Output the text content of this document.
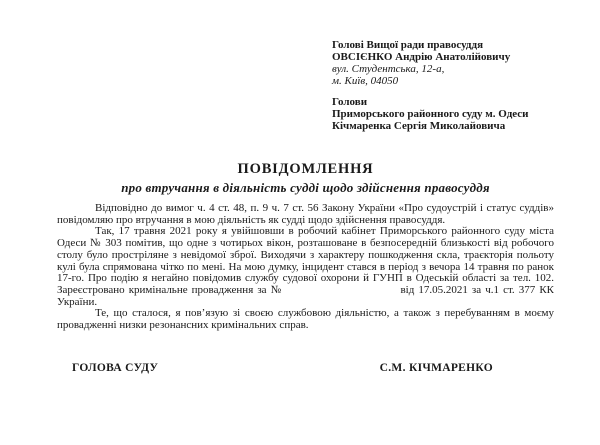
Голові Вищої ради правосуддя
ОВСІЄНКО Андрію Анатолійовичу
вул. Студентська, 12-а,
м. Київ, 04050
Голови
Приморського районного суду м. Одеси
Кічмаренка Сергія Миколайовича
ПОВІДОМЛЕННЯ
про втручання в діяльність судді щодо здійснення правосуддя

Відповідно до вимог ч. 4 ст. 48, п. 9 ч. 7 ст. 56 Закону України «Про судоустрій і статус суддів» повідомляю про втручання в мою діяльність як судді щодо здійснення правосуддя.

Так, 17 травня 2021 року я увійшовши в робочий кабінет Приморського районного суду міста Одеси № 303 помітив, що одне з чотирьох вікон, розташоване в безпосередній близькості від робочого столу було прострiляне з невідомої зброї. Виходячи з характеру пошкодження скла, траєкторія польоту кулі була спрямована чітко по мені. На мою думку, інцидент стався в період з вечора 14 травня по ранок 17-го. Про подію я негайно повідомив службу судової охорони й ГУНП в Одеській області за тел. 102. Зареєстровано кримінальне провадження за №	від 17.05.2021 за ч.1 ст. 377 КК України.

Те, що сталося, я пов’язую зі своєю службовою діяльністю, а також з перебуванням в моєму провадженні низки резонансних кримінальних справ.

ГОЛОВА СУДУ	С.М. КІЧМАРЕНКО
